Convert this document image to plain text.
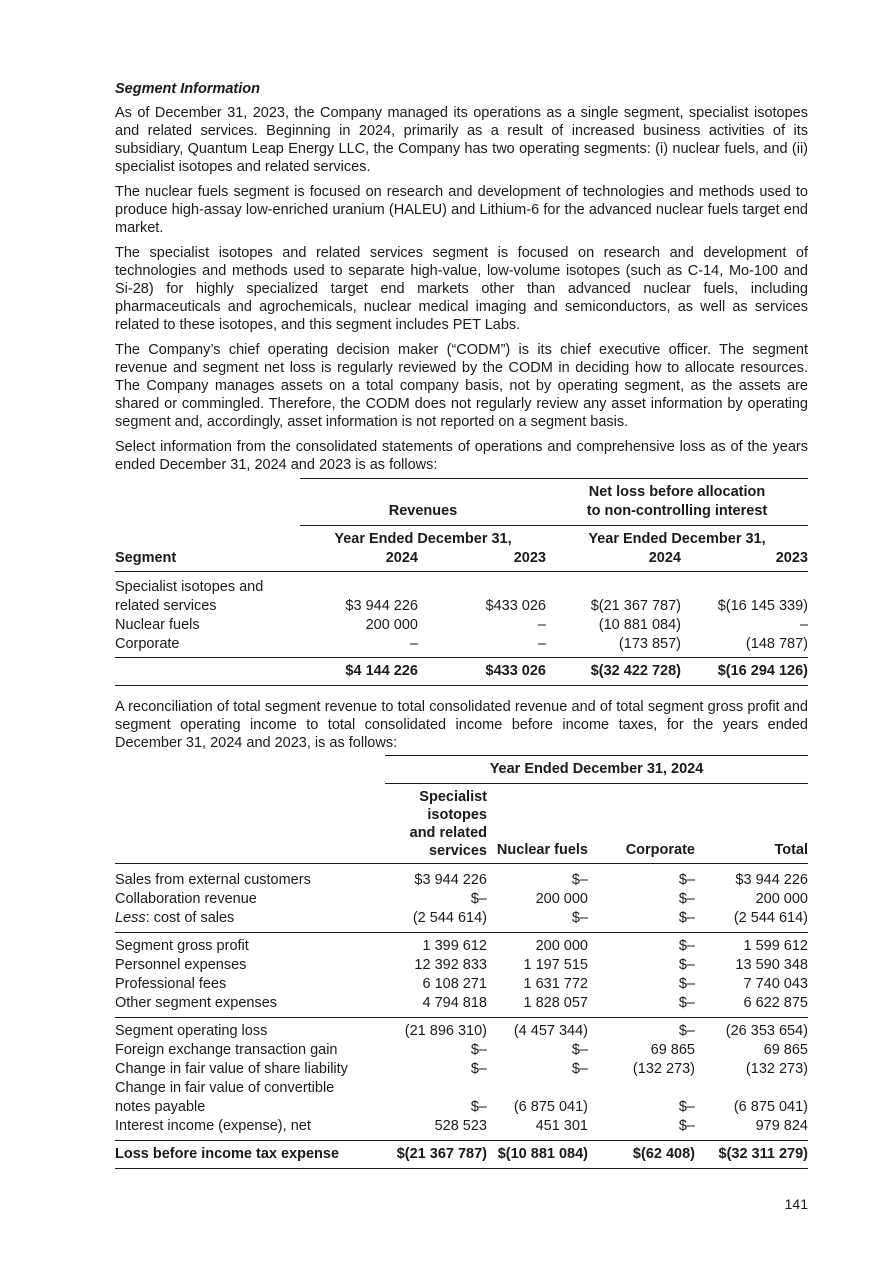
Segment Information

As of December 31, 2023, the Company managed its operations as a single segment, specialist isotopes and related services. Beginning in 2024, primarily as a result of increased business activities of its subsidiary, Quantum Leap Energy LLC, the Company has two operating segments: (i) nuclear fuels, and (ii) specialist isotopes and related services.

The nuclear fuels segment is focused on research and development of technologies and methods used to produce high-assay low-enriched uranium (HALEU) and Lithium-6 for the advanced nuclear fuels target end market.

The specialist isotopes and related services segment is focused on research and development of technologies and methods used to separate high-value, low-volume isotopes (such as C-14, Mo-100 and Si-28) for highly specialized target end markets other than advanced nuclear fuels, including pharmaceuticals and agrochemicals, nuclear medical imaging and semiconductors, as well as services related to these isotopes, and this segment includes PET Labs.

The Company’s chief operating decision maker (“CODM”) is its chief executive officer. The segment revenue and segment net loss is regularly reviewed by the CODM in deciding how to allocate resources. The Company manages assets on a total company basis, not by operating segment, as the assets are shared or commingled. Therefore, the CODM does not regularly review any asset information by operating segment and, accordingly, asset information is not reported on a segment basis.

Select information from the consolidated statements of operations and comprehensive loss as of the years ended December 31, 2024 and 2023 is as follows:

	Revenues		Net loss before allocation
to non-controlling interest	

	Year Ended December 31,		Year Ended December 31,	
Segment	2024	2023	2024	2023

Specialist isotopes and				
related services	$3 944 226	$433 026	$(21 367 787)	$(16 145 339)
Nuclear fuels	200 000	–	(10 881 084)	–
Corporate	–	–	(173 857)	(148 787)
	$4 144 226	$433 026	$(32 422 728)	$(16 294 126)

A reconciliation of total segment revenue to total consolidated revenue and of total segment gross profit and segment operating income to total consolidated income before income taxes, for the years ended December 31, 2024 and 2023, is as follows:

	Year Ended December 31, 2024			

	Specialist
isotopes
and related
services	Nuclear fuels	Corporate	Total

Sales from external customers	$3 944 226	$–	$–	$3 944 226
Collaboration revenue	$–	200 000	$–	200 000
Less: cost of sales	(2 544 614)	$–	$–	(2 544 614)
Segment gross profit	1 399 612	200 000	$–	1 599 612
Personnel expenses	12 392 833	1 197 515	$–	13 590 348
Professional fees	6 108 271	1 631 772	$–	7 740 043
Other segment expenses	4 794 818	1 828 057	$–	6 622 875
Segment operating loss	(21 896 310)	(4 457 344)	$–	(26 353 654)
Foreign exchange transaction gain	$–	$–	69 865	69 865
Change in fair value of share liability	$–	$–	(132 273)	(132 273)
Change in fair value of convertible				
notes payable	$–	(6 875 041)	$–	(6 875 041)
Interest income (expense), net	528 523	451 301	$–	979 824
Loss before income tax expense	$(21 367 787)	$(10 881 084)	$(62 408)	$(32 311 279)
141
